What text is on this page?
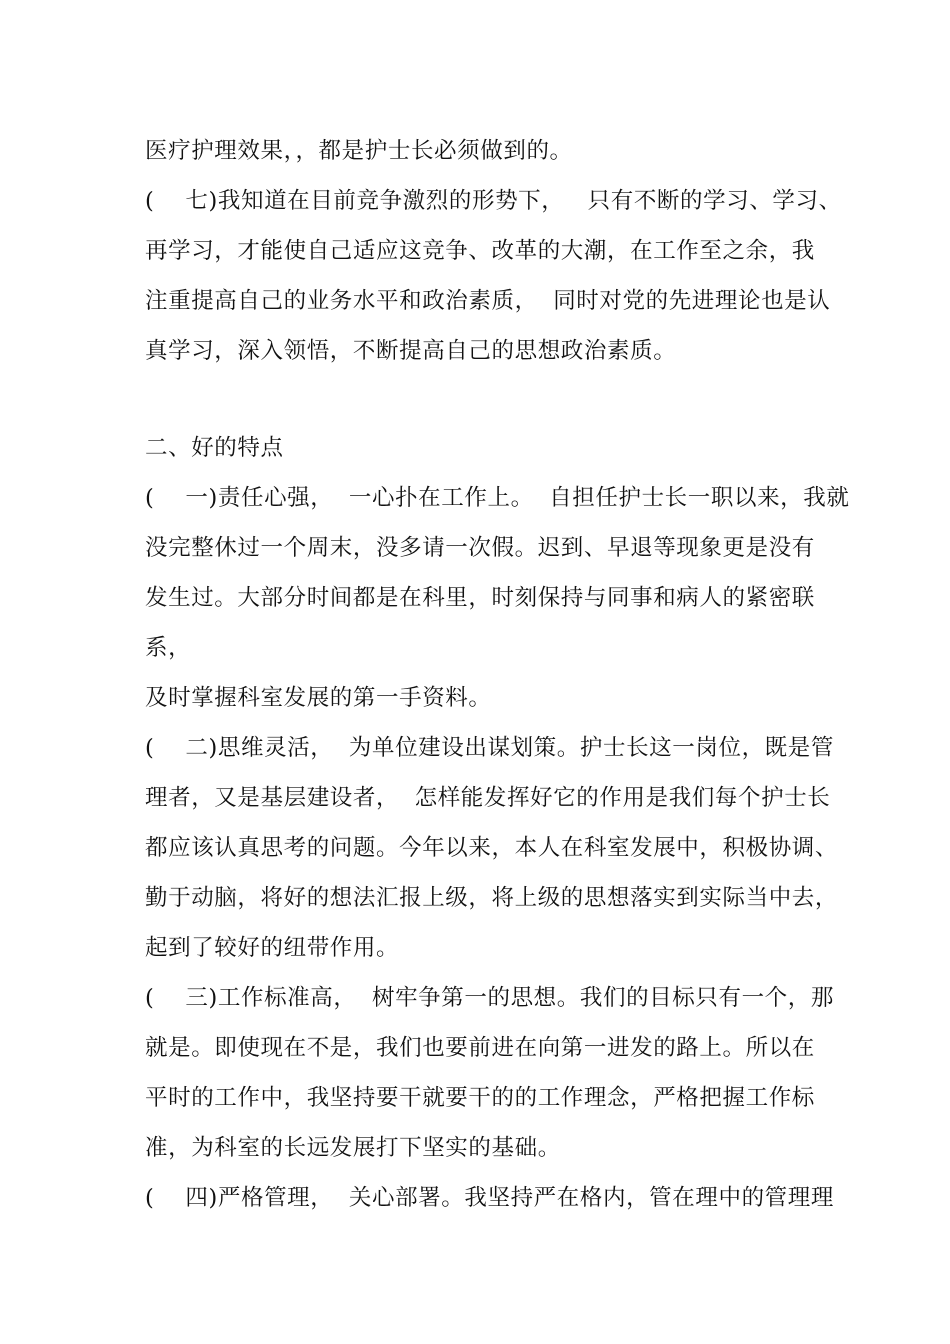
医疗护理效果，，都是护士长必须做到的。
(    七)我知道在目前竞争激烈的形势下，   只有不断的学习、学习、
再学习，才能使自己适应这竞争、改革的大潮，在工作至之余，我
注重提高自己的业务水平和政治素质，  同时对党的先进理论也是认
真学习，深入领悟，不断提高自己的思想政治素质。
二、好的特点
(    一)责任心强，  一心扑在工作上。  自担任护士长一职以来，我就
没完整休过一个周末，没多请一次假。迟到、早退等现象更是没有
发生过。大部分时间都是在科里，时刻保持与同事和病人的紧密联
系，
及时掌握科室发展的第一手资料。
(    二)思维灵活，  为单位建设出谋划策。护士长这一岗位，既是管
理者，又是基层建设者，  怎样能发挥好它的作用是我们每个护士长
都应该认真思考的问题。今年以来，本人在科室发展中，积极协调、
勤于动脑，将好的想法汇报上级，将上级的思想落实到实际当中去，
起到了较好的纽带作用。
(    三)工作标准高，  树牢争第一的思想。我们的目标只有一个，那
就是。即使现在不是，我们也要前进在向第一进发的路上。所以在
平时的工作中，我坚持要干就要干的的工作理念，严格把握工作标
准，为科室的长远发展打下坚实的基础。
(    四)严格管理，  关心部署。我坚持严在格内，管在理中的管理理
